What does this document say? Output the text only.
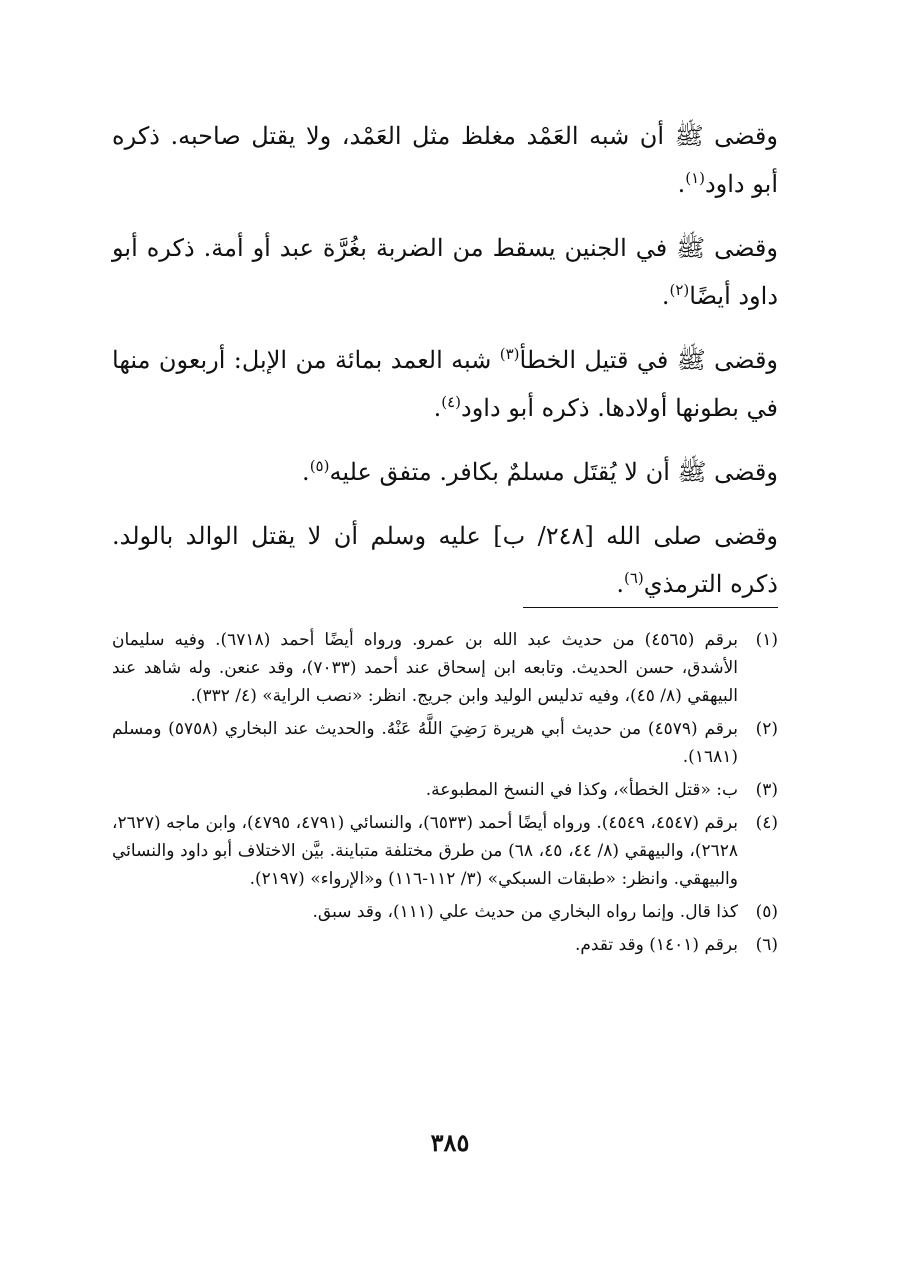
وقضى ﷺ أن شبه العَمْد مغلظ مثل العَمْد، ولا يقتل صاحبه. ذكره أبو داود$^{(١)}$.

وقضى ﷺ في الجنين يسقط من الضربة بغُرَّة عبد أو أمة. ذكره أبو داود أيضًا$^{(٢)}$.

وقضى ﷺ في قتيل الخطأ$^{(٣)}$ شبه العمد بمائة من الإبل: أربعون منها في بطونها أولادها. ذكره أبو داود$^{(٤)}$.

وقضى ﷺ أن لا يُقتَل مسلمٌ بكافر. متفق عليه$^{(٥)}$.

وقضى صلى الله [٢٤٨/ ب] عليه وسلم أن لا يقتل الوالد بالولد. ذكره الترمذي$^{(٦)}$.

(١)
برقم (٤٥٦٥) من حديث عبد الله بن عمرو. ورواه أيضًا أحمد (٦٧١٨). وفيه سليمان الأشدق، حسن الحديث. وتابعه ابن إسحاق عند أحمد (٧٠٣٣)، وقد عنعن. وله شاهد عند البيهقي (٨/ ٤٥)، وفيه تدليس الوليد وابن جريج. انظر: «نصب الراية» (٤/ ٣٣٢).
(٢)
برقم (٤٥٧٩) من حديث أبي هريرة رَضِيَ اللَّهُ عَنْهُ. والحديث عند البخاري (٥٧٥٨) ومسلم (١٦٨١).
(٣)
ب: «قتل الخطأ»، وكذا في النسخ المطبوعة.
(٤)
برقم (٤٥٤٧، ٤٥٤٩). ورواه أيضًا أحمد (٦٥٣٣)، والنسائي (٤٧٩١، ٤٧٩٥)، وابن ماجه (٢٦٢٧، ٢٦٢٨)، والبيهقي (٨/ ٤٤، ٤٥، ٦٨) من طرق مختلفة متباينة. بيَّن الاختلاف أبو داود والنسائي والبيهقي. وانظر: «طبقات السبكي» (٣/ ١١٢-١١٦) و«الإرواء» (٢١٩٧).
(٥)
كذا قال. وإنما رواه البخاري من حديث علي (١١١)، وقد سبق.
(٦)
برقم (١٤٠١) وقد تقدم.
٣٨٥
